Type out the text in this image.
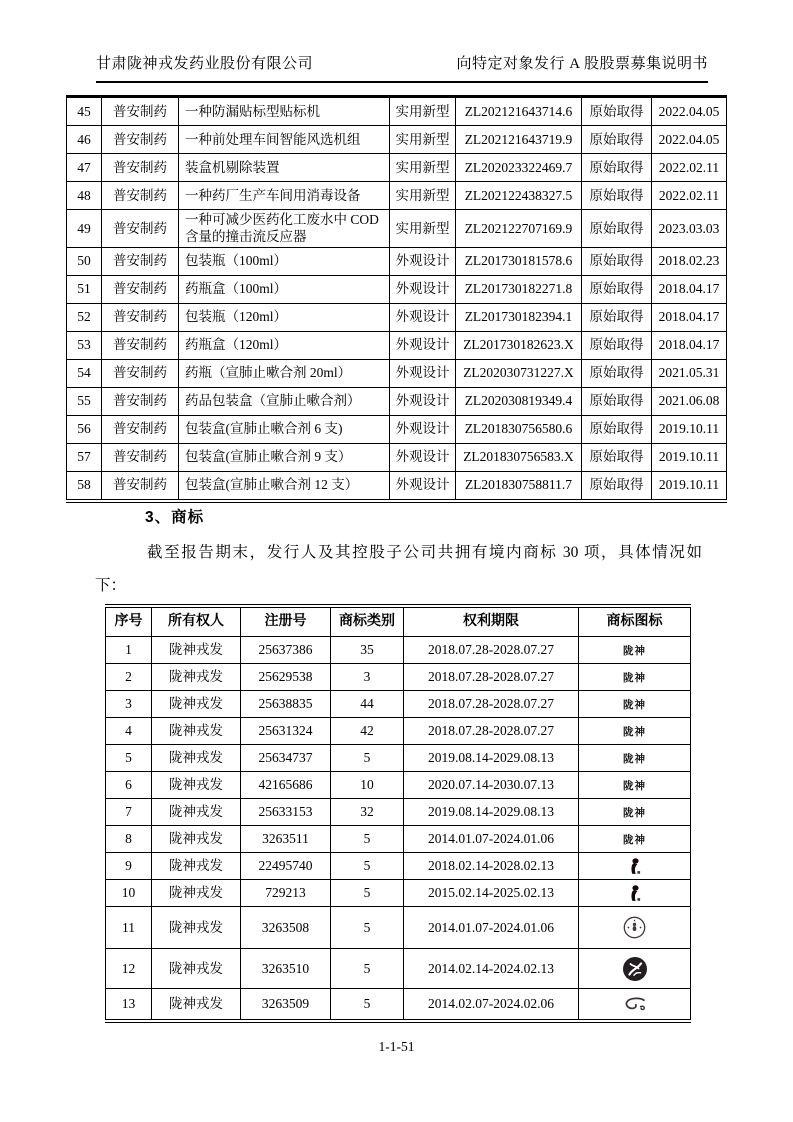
甘肃陇神戎发药业股份有限公司	向特定对象发行 A 股股票募集说明书
45	普安制药	一种防漏贴标型贴标机	实用新型	ZL202121643714.6	原始取得	2022.04.05
46	普安制药	一种前处理车间智能风选机组	实用新型	ZL202121643719.9	原始取得	2022.04.05
47	普安制药	装盒机剔除装置	实用新型	ZL202023322469.7	原始取得	2022.02.11
48	普安制药	一种药厂生产车间用消毒设备	实用新型	ZL202122438327.5	原始取得	2022.02.11
49	普安制药	一种可减少医药化工废水中 COD 含量的撞击流反应器	实用新型	ZL202122707169.9	原始取得	2023.03.03
50	普安制药	包装瓶（100ml）	外观设计	ZL201730181578.6	原始取得	2018.02.23
51	普安制药	药瓶盒（100ml）	外观设计	ZL201730182271.8	原始取得	2018.04.17
52	普安制药	包装瓶（120ml）	外观设计	ZL201730182394.1	原始取得	2018.04.17
53	普安制药	药瓶盒（120ml）	外观设计	ZL201730182623.X	原始取得	2018.04.17
54	普安制药	药瓶（宣肺止嗽合剂 20ml）	外观设计	ZL202030731227.X	原始取得	2021.05.31
55	普安制药	药品包装盒（宣肺止嗽合剂）	外观设计	ZL202030819349.4	原始取得	2021.06.08
56	普安制药	包装盒(宣肺止嗽合剂 6 支)	外观设计	ZL201830756580.6	原始取得	2019.10.11
57	普安制药	包装盒(宣肺止嗽合剂 9 支）	外观设计	ZL201830756583.X	原始取得	2019.10.11
58	普安制药	包装盒(宣肺止嗽合剂 12 支）	外观设计	ZL201830758811.7	原始取得	2019.10.11
3、商标
截至报告期末，发行人及其控股子公司共拥有境内商标 30 项，具体情况如
下：
序号	所有权人	注册号	商标类别	权利期限	商标图标
1	陇神戎发	25637386	35	2018.07.28-2028.07.27	陇神
2	陇神戎发	25629538	3	2018.07.28-2028.07.27	陇神
3	陇神戎发	25638835	44	2018.07.28-2028.07.27	陇神
4	陇神戎发	25631324	42	2018.07.28-2028.07.27	陇神
5	陇神戎发	25634737	5	2019.08.14-2029.08.13	陇神
6	陇神戎发	42165686	10	2020.07.14-2030.07.13	陇神
7	陇神戎发	25633153	32	2019.08.14-2029.08.13	陇神
8	陇神戎发	3263511	5	2014.01.07-2024.01.06	陇神
9	陇神戎发	22495740	5	2018.02.14-2028.02.13	

10	陇神戎发	729213	5	2015.02.14-2025.02.13	

11	陇神戎发	3263508	5	2014.01.07-2024.01.06	

12	陇神戎发	3263510	5	2014.02.14-2024.02.13	

13	陇神戎发	3263509	5	2014.02.07-2024.02.06	
1-1-51
